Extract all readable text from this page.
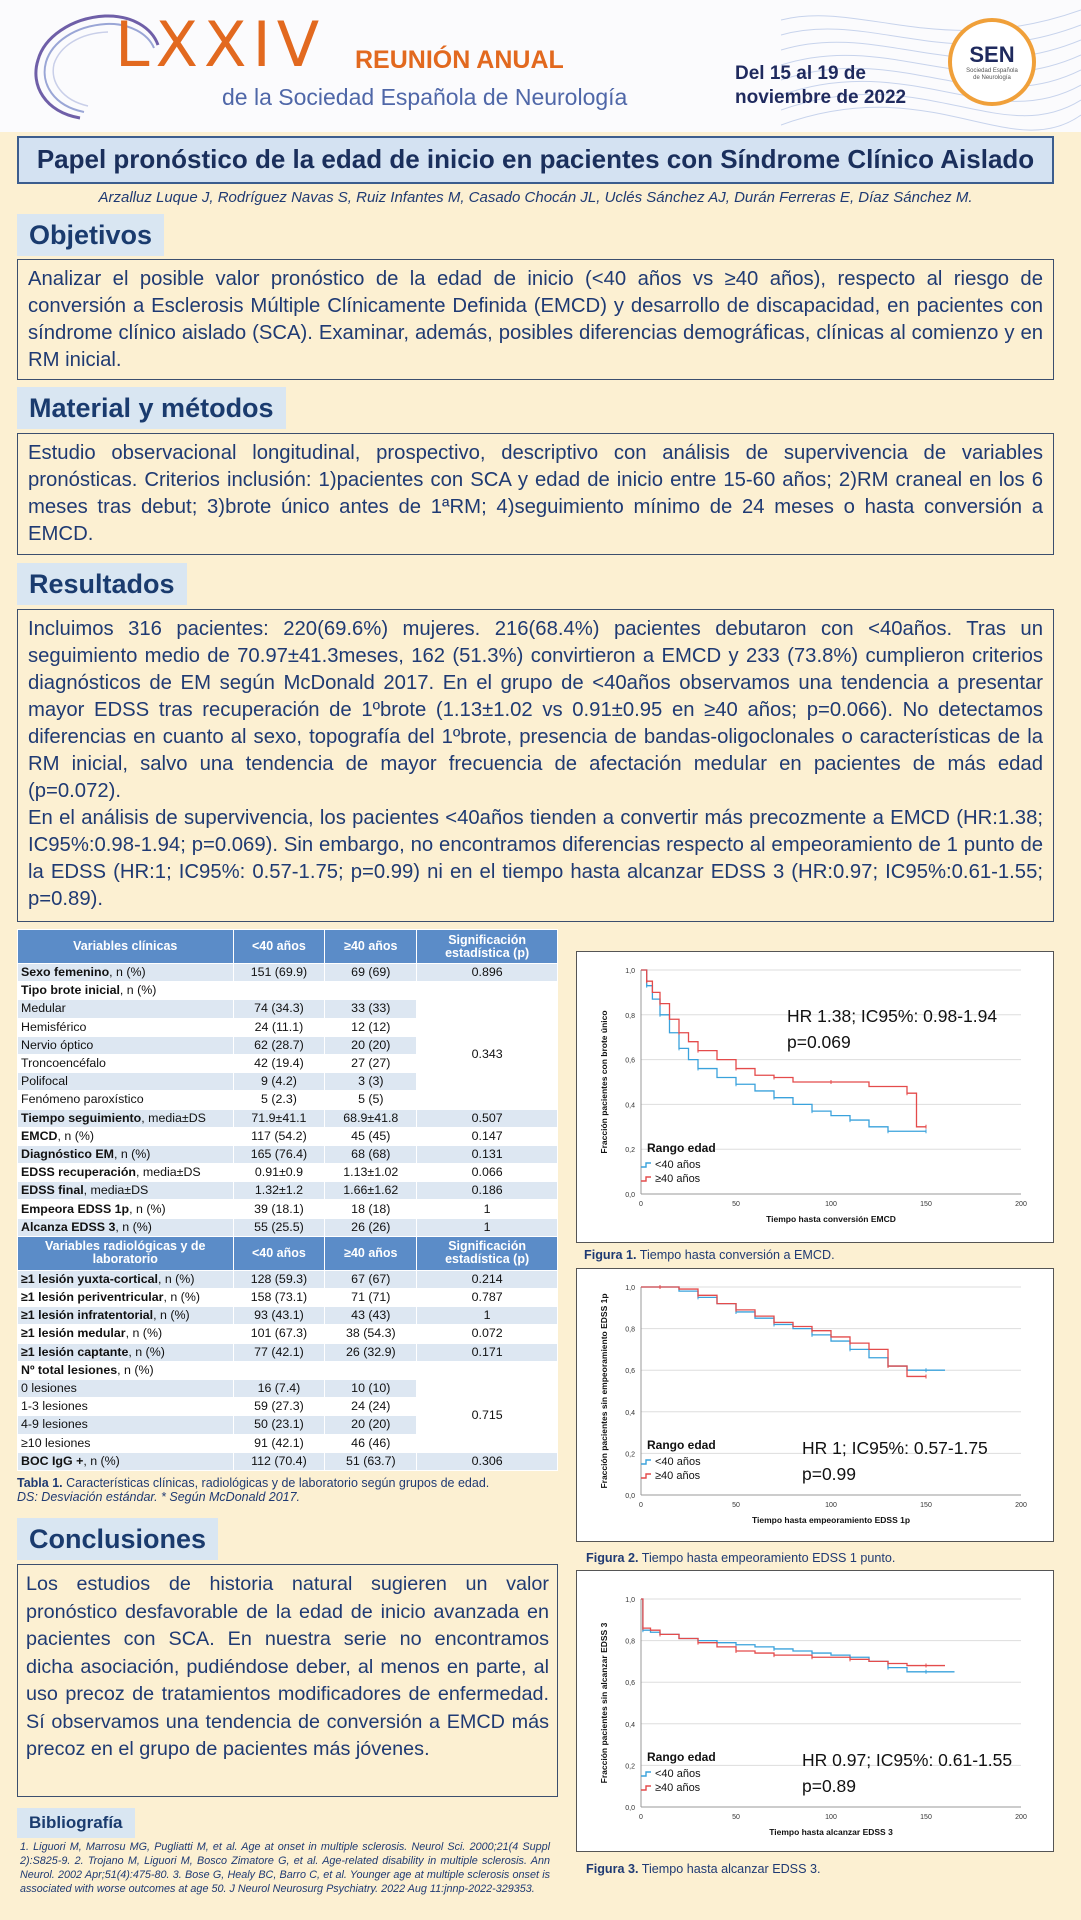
LXXIV REUNIÓN ANUAL
de la Sociedad Española de Neurología
Del 15 al 19 de
noviembre de 2022
SEN
Sociedad Española
de Neurología
Papel pronóstico de la edad de inicio en pacientes con Síndrome Clínico Aislado
Arzalluz Luque J, Rodríguez Navas S, Ruiz Infantes M, Casado Chocán JL, Uclés Sánchez AJ, Durán Ferreras E, Díaz Sánchez M.
Objetivos
Analizar el posible valor pronóstico de la edad de inicio (<40 años vs ≥40 años), respecto al riesgo de conversión a Esclerosis Múltiple Clínicamente Definida (EMCD) y desarrollo de discapacidad, en pacientes con síndrome clínico aislado (SCA). Examinar, además, posibles diferencias demográficas, clínicas al comienzo y en RM inicial.
Material y métodos
Estudio observacional longitudinal, prospectivo, descriptivo con análisis de supervivencia de variables pronósticas. Criterios inclusión: 1)pacientes con SCA y edad de inicio entre 15-60 años; 2)RM craneal en los 6 meses tras debut; 3)brote único antes de 1ªRM; 4)seguimiento mínimo de 24 meses o hasta conversión a EMCD.
Resultados
Incluimos 316 pacientes: 220(69.6%) mujeres. 216(68.4%) pacientes debutaron con <40años. Tras un seguimiento medio de 70.97±41.3meses, 162 (51.3%) convirtieron a EMCD y 233 (73.8%) cumplieron criterios diagnósticos de EM según McDonald 2017. En el grupo de <40años observamos una tendencia a presentar mayor EDSS tras recuperación de 1ºbrote (1.13±1.02 vs 0.91±0.95 en ≥40 años; p=0.066). No detectamos diferencias en cuanto al sexo, topografía del 1ºbrote, presencia de bandas-oligoclonales o características de la RM inicial, salvo una tendencia de mayor frecuencia de afectación medular en pacientes de más edad (p=0.072).
En el análisis de supervivencia, los pacientes <40años tienden a convertir más precozmente a EMCD (HR:1.38; IC95%:0.98-1.94; p=0.069). Sin embargo, no encontramos diferencias respecto al empeoramiento de 1 punto de la EDSS (HR:1; IC95%: 0.57-1.75; p=0.99) ni en el tiempo hasta alcanzar EDSS 3 (HR:0.97; IC95%:0.61-1.55; p=0.89).
Variables clínicas	<40 años	≥40 años	Significación estadística (p)
Sexo femenino, n (%)	151 (69.9)	69 (69)	0.896
Tipo brote inicial, n (%)			
Medular	74 (34.3)	33 (33)	0.343
Hemisférico	24 (11.1)	12 (12)	
Nervio óptico	62 (28.7)	20 (20)	
Troncoencéfalo	42 (19.4)	27 (27)	
Polifocal	9 (4.2)	3 (3)	
Fenómeno paroxístico	5 (2.3)	5 (5)	
Tiempo seguimiento, media±DS	71.9±41.1	68.9±41.8	0.507
EMCD, n (%)	117 (54.2)	45 (45)	0.147
Diagnóstico EM, n (%)	165 (76.4)	68 (68)	0.131
EDSS recuperación, media±DS	0.91±0.9	1.13±1.02	0.066
EDSS final, media±DS	1.32±1.2	1.66±1.62	0.186
Empeora EDSS 1p, n (%)	39 (18.1)	18 (18)	1
Alcanza EDSS 3, n (%)	55 (25.5)	26 (26)	1
Variables radiológicas y de laboratorio	<40 años	≥40 años	Significación estadística (p)
≥1 lesión yuxta-cortical, n (%)	128 (59.3)	67 (67)	0.214
≥1 lesión periventricular, n (%)	158 (73.1)	71 (71)	0.787
≥1 lesión infratentorial, n (%)	93 (43.1)	43 (43)	1
≥1 lesión medular, n (%)	101 (67.3)	38 (54.3)	0.072
≥1 lesión captante, n (%)	77 (42.1)	26 (32.9)	0.171
Nº total lesiones, n (%)			
0 lesiones	16 (7.4)	10 (10)	0.715
1-3 lesiones	59 (27.3)	24 (24)	
4-9 lesiones	50 (23.1)	20 (20)	
≥10 lesiones	91 (42.1)	46 (46)	
BOC IgG +, n (%)	112 (70.4)	51 (63.7)	0.306
Tabla 1. Características clínicas, radiológicas y de laboratorio según grupos de edad.
DS: Desviación estándar. * Según McDonald 2017.
Conclusiones
Los estudios de historia natural sugieren un valor pronóstico desfavorable de la edad de inicio avanzada en pacientes con SCA. En nuestra serie no encontramos dicha asociación, pudiéndose deber, al menos en parte, al uso precoz de tratamientos modificadores de enfermedad. Sí observamos una tendencia de conversión a EMCD más precoz en el grupo de pacientes más jóvenes.
Bibliografía
1. Liguori M, Marrosu MG, Pugliatti M, et al. Age at onset in multiple sclerosis. Neurol Sci. 2000;21(4 Suppl 2):S825-9. 2. Trojano M, Liguori M, Bosco Zimatore G, et al. Age-related disability in multiple sclerosis. Ann Neurol. 2002 Apr;51(4):475-80. 3. Bose G, Healy BC, Barro C, et al. Younger age at multiple sclerosis onset is associated with worse outcomes at age 50. J Neurol Neurosurg Psychiatry. 2022 Aug 11:jnnp-2022-329353.
0,0
0,2
0,4
0,6
0,8
1,0
0	50	100	150	200
Tiempo hasta conversión EMCD
Fracción pacientes con brote único	Rango edad
<40 años
≥40 años
HR 1.38; IC95%: 0.98-1.94
p=0.069
Figura 1. Tiempo hasta conversión a EMCD.
0,0
0,2
0,4
0,6
0,8
1,0
0	50	100	150	200
Tiempo hasta empeoramiento EDSS 1p
Fracción pacientes sin empeoramiento EDSS 1p	Rango edad
<40 años
≥40 años
HR 1; IC95%: 0.57-1.75
p=0.99
Figura 2. Tiempo hasta empeoramiento EDSS 1 punto.
0,0
0,2
0,4
0,6
0,8
1,0
0	50	100	150	200
Tiempo hasta alcanzar EDSS 3
Fracción pacientes sin alcanzar EDSS 3	Rango edad
<40 años
≥40 años
HR 0.97; IC95%: 0.61-1.55
p=0.89
Figura 3. Tiempo hasta alcanzar EDSS 3.
